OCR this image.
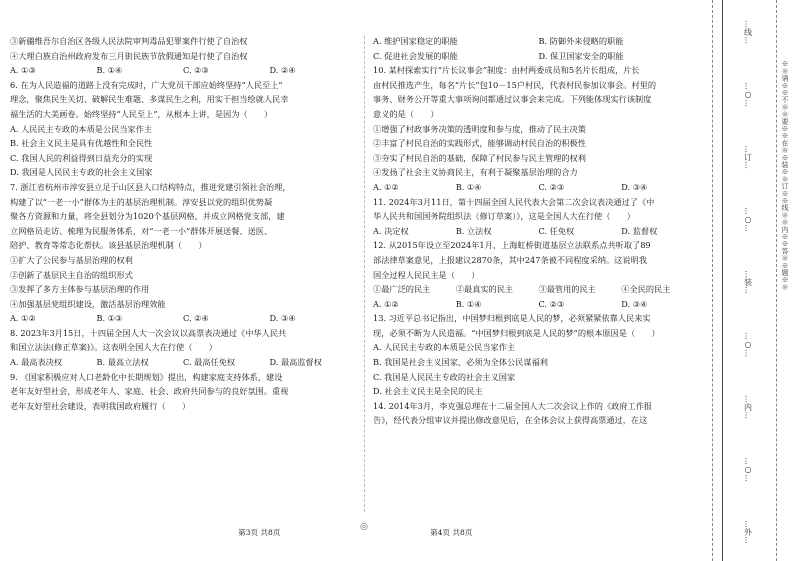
③新疆维吾尔自治区各级人民法院审判毒品犯罪案件行使了自治权
④大理白族自治州政府发布三月街民族节放假通知是行使了自治权
A. ①③	B. ①④	C. ②③	D. ②④
6. 在为人民造福的道路上没有完成时，广大党员干部应始终坚持“人民至上”
理念，聚焦民生关切、破解民生难题、多谋民生之利，用实干担当绘就人民幸
福生活的大美画卷。始终坚持“人民至上”，从根本上讲，是因为（　　）
A. 人民民主专政的本质是公民当家作主
B. 社会主义民主是具有优越性和全民性
C. 我国人民的利益得到日益充分的实现
D. 我国是人民民主专政的社会主义国家
7. 浙江省杭州市淳安县立足于山区县人口结构特点，推进党建引领社会治理，
构建了以“一老一小”群体为主的基层治理机制。淳安县以党的组织优势凝
聚各方资源和力量，将全县划分为1020个基层网格，并成立网格党支部，建
立网格员走访、梳理为民服务体系，对“一老一小”群体开展送餐、送医、
陪护、教育等常态化帮扶。该县基层治理机制（　　）
①扩大了公民参与基层治理的权利
②创新了基层民主自治的组织形式
③发挥了多方主体参与基层治理的作用
④加强基层党组织建设，激活基层治理效能
A. ①②	B. ①③	C. ②④	D. ③④
8. 2023年3月15日，十四届全国人大一次会议以高票表决通过《中华人民共
和国立法法(修正草案)》。这表明全国人大在行使（　　）
A. 最高表决权	B. 最高立法权	C. 最高任免权	D. 最高监督权
9. 《国家积极应对人口老龄化中长期规划》提出，构建家庭支持体系，建设
老年友好型社会，形成老年人、家庭、社会、政府共同参与的良好氛围。重视
老年友好型社会建设，表明我国政府履行（　　）
A. 维护国家稳定的职能	B. 防御外来侵略的职能
C. 促进社会发展的职能	D. 保卫国家安全的职能
10. 某村探索实行“片长议事会”制度：由村两委成员和5名片长组成，片长
由村民推选产生，每名“片长”包10－15户村民，代表村民参加议事会。村里的
事务、财务公开等重大事项询问都通过议事会来完成。下列能体现实行该制度
意义的是（　　）
①增强了村政事务决策的透明度和参与度，推动了民主决策
②丰富了村民自治的实践形式，能够调动村民自治的积极性
③夯实了村民自治的基础，保障了村民参与民主管理的权利
④发扬了社会主义协商民主，有利于凝聚基层治理的合力
A. ①②	B. ①④	C. ②③	D. ③④
11. 2024年3月11日，第十四届全国人民代表大会第二次会议表决通过了《中
华人民共和国国务院组织法（修订草案）》，这是全国人大在行使（　　）
A. 决定权	B. 立法权	C. 任免权	D. 监督权
12. 从2015年设立至2024年1月，上海虹桥街道基层立法联系点共听取了89
部法律草案意见，上报建议2870条，其中247条被不同程度采纳。这说明我
国全过程人民民主是（　　）
①最广泛的民主	②最真实的民主	③最管用的民主	④全民的民主
A. ①②	B. ①④	C. ②③	D. ③④
13. 习近平总书记指出，中国梦归根到底是人民的梦，必须紧紧依靠人民来实
现，必须不断为人民造福。“中国梦归根到底是人民的梦”的根本原因是（　　）
A. 人民民主专政的本质是公民当家作主
B. 我国是社会主义国家，必须为全体公民谋福利
C. 我国是人民民主专政的社会主义国家
D. 社会主义民主是全民的民主
14. 2014年3月，李克强总理在十二届全国人大二次会议上作的《政府工作报
告》，经代表分组审议并提出修改意见后，在全体会议上获得高票通过，在这
第3页 共8页
◎
第4页 共8页
…线…
…○…
…订…
…○…
…装…
…○…
…内…
…○…
…外…
※※请※※不※※要※※在※※装※※订※※线※※内※※答※※题※※
